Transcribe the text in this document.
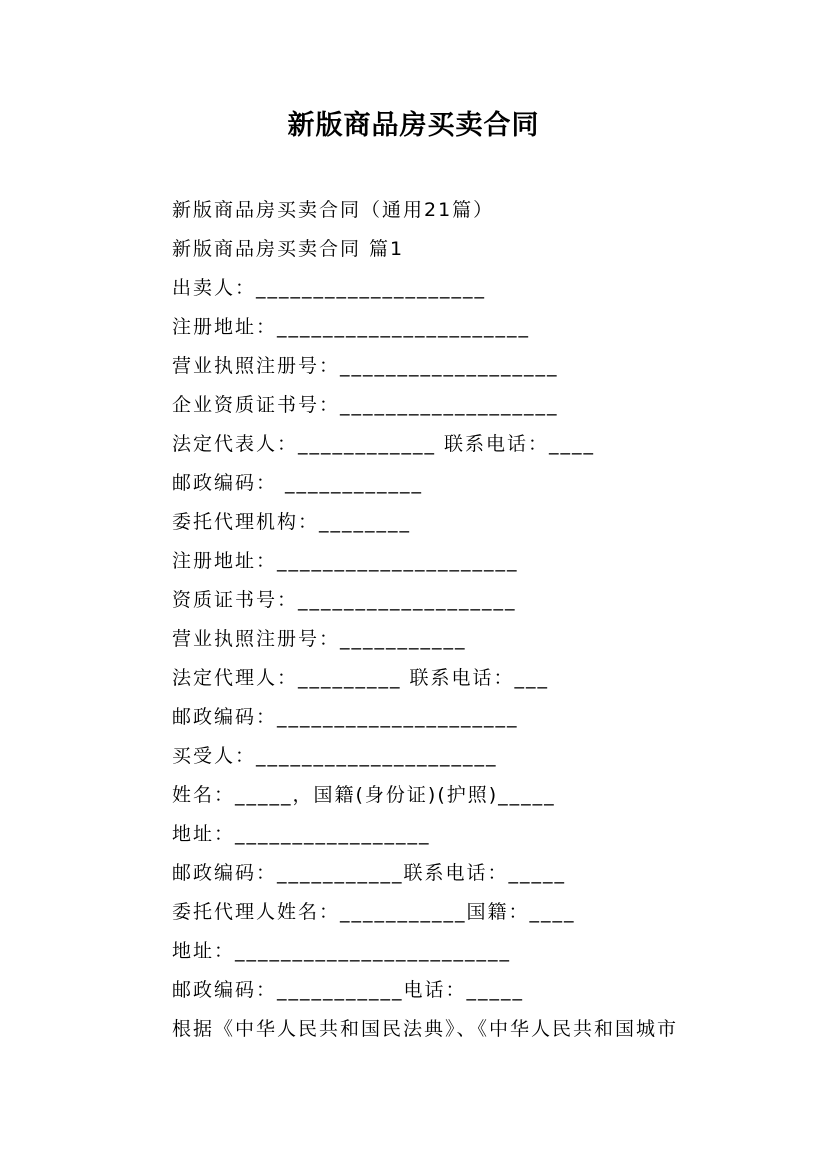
新版商品房买卖合同
新版商品房买卖合同（通用21篇）
新版商品房买卖合同 篇1
出卖人：____________________
注册地址：______________________
营业执照注册号：___________________
企业资质证书号：___________________
法定代表人：____________ 联系电话：____
邮政编码： ____________
委托代理机构：________
注册地址：_____________________
资质证书号：___________________
营业执照注册号：___________
法定代理人：_________ 联系电话：___
邮政编码：_____________________
买受人：_____________________
姓名：_____，国籍(身份证)(护照)_____
地址：_________________
邮政编码：___________联系电话：_____
委托代理人姓名：___________国籍：____
地址：________________________
邮政编码：___________电话：_____
根据《中华人民共和国民法典》、《中华人民共和国城市
